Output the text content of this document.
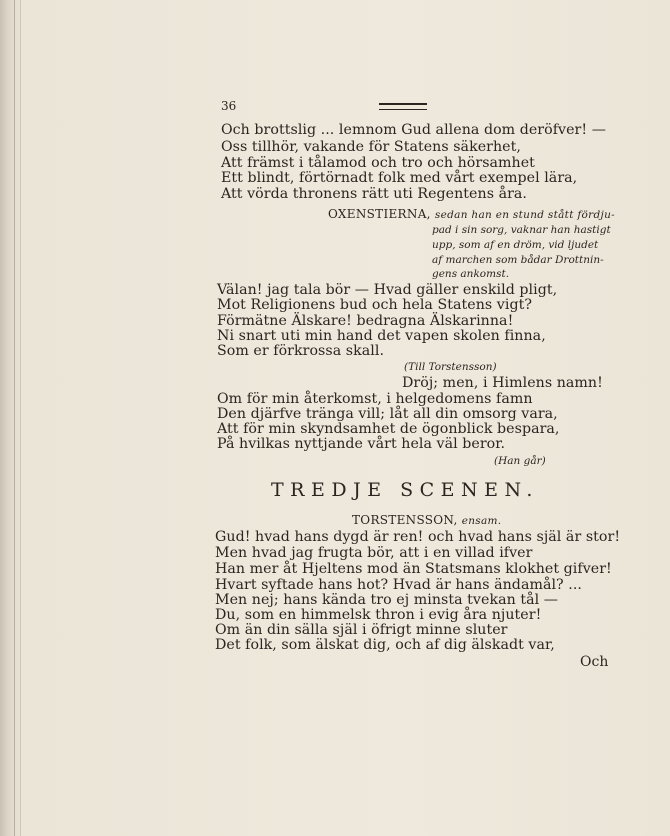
36
Och brottslig ... lemnom Gud allena dom deröfver! —
Oss tillhör, vakande för Statens säkerhet,
Att främst i tålamod och tro och hörsamhet
Ett blindt, förtörnadt folk med vårt exempel lära,
Att vörda thronens rätt uti Regentens åra.
OXENSTIERNA, sedan han en stund stått fördju-
pad i sin sorg, vaknar han hastigt
upp, som af en dröm, vid ljudet
af marchen som bådar Drottnin-
gens ankomst.
Välan! jag tala bör — Hvad gäller enskild pligt,
Mot Religionens bud och hela Statens vigt?
Förmätne Älskare! bedragna Älskarinna!
Ni snart uti min hand det vapen skolen finna,
Som er förkrossa skall.
(Till Torstensson)
Dröj; men, i Himlens namn!
Om för min återkomst, i helgedomens famn
Den djärfve tränga vill; låt all din omsorg vara,
Att för min skyndsamhet de ögonblick bespara,
På hvilkas nyttjande vårt hela väl beror.
(Han går)
TREDJE SCENEN.
TORSTENSSON, ensam.
Gud! hvad hans dygd är ren! och hvad hans själ är stor!
Men hvad jag frugta bör, att i en villad ifver
Han mer åt Hjeltens mod än Statsmans klokhet gifver!
Hvart syftade hans hot? Hvad är hans ändamål? ...
Men nej; hans kända tro ej minsta tvekan tål —
Du, som en himmelsk thron i evig åra njuter!
Om än din sälla själ i öfrigt minne sluter
Det folk, som älskat dig, och af dig älskadt var,
Och
